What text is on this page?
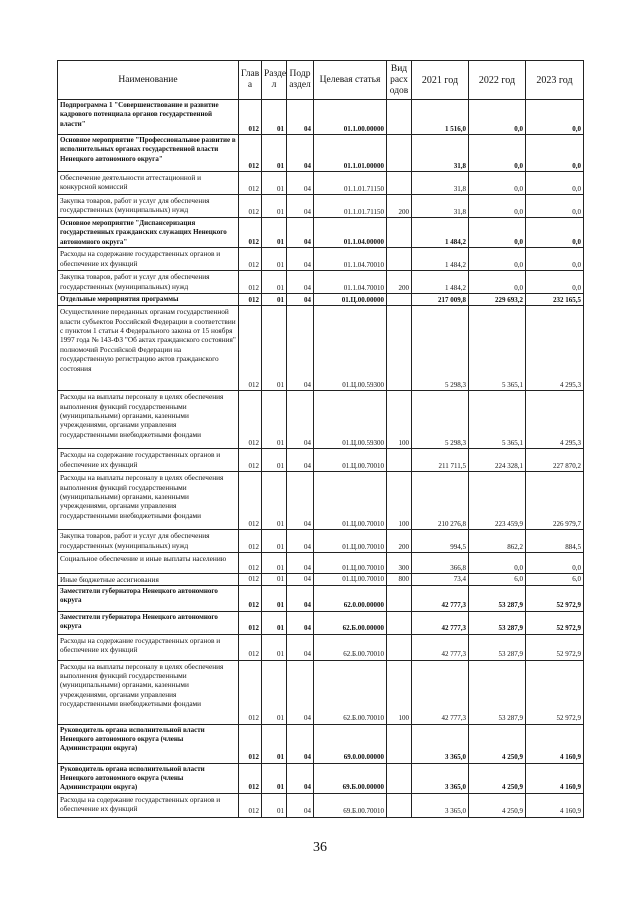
Наименование	Глав а	Разде л	Подр аздел	Целевая статья	Вид расх одов	2021 год	2022 год	2023 год
Подпрограмма 1 "Совершенствование и развитие кадрового потенциала органов государственной власти"	012	01	04	01.1.00.00000		1 516,0	0,0	0,0
Основное мероприятие "Профессиональное развитие в исполнительных органах государственной власти Ненецкого автономного округа"	012	01	04	01.1.01.00000		31,8	0,0	0,0
Обеспечение деятельности аттестационной и конкурсной комиссий	012	01	04	01.1.01.71150		31,8	0,0	0,0
Закупка товаров, работ и услуг для обеспечения государственных (муниципальных) нужд	012	01	04	01.1.01.71150	200	31,8	0,0	0,0
Основное мероприятие "Диспансеризация государственных гражданских служащих Ненецкого автономного округа"	012	01	04	01.1.04.00000		1 484,2	0,0	0,0
Расходы на содержание государственных органов и обеспечение их функций	012	01	04	01.1.04.70010		1 484,2	0,0	0,0
Закупка товаров, работ и услуг для обеспечения государственных (муниципальных) нужд	012	01	04	01.1.04.70010	200	1 484,2	0,0	0,0
Отдельные мероприятия программы	012	01	04	01.Ц.00.00000		217 009,8	229 693,2	232 165,5
Осуществление переданных органам государственной власти субъектов Российской Федерации в соответствии с пунктом 1 статьи 4 Федерального закона от 15 ноября 1997 года № 143-ФЗ "Об актах гражданского состояния" полномочий Российской Федерации на государственную регистрацию актов гражданского состояния	012	01	04	01.Ц.00.59300		5 298,3	5 365,1	4 295,3
Расходы на выплаты персоналу в целях обеспечения выполнения функций государственными (муниципальными) органами, казенными учреждениями, органами управления государственными внебюджетными фондами	012	01	04	01.Ц.00.59300	100	5 298,3	5 365,1	4 295,3
Расходы на содержание государственных органов и обеспечение их функций	012	01	04	01.Ц.00.70010		211 711,5	224 328,1	227 870,2
Расходы на выплаты персоналу в целях обеспечения выполнения функций государственными (муниципальными) органами, казенными учреждениями, органами управления государственными внебюджетными фондами	012	01	04	01.Ц.00.70010	100	210 276,8	223 459,9	226 979,7
Закупка товаров, работ и услуг для обеспечения государственных (муниципальных) нужд	012	01	04	01.Ц.00.70010	200	994,5	862,2	884,5
Социальное обеспечение и иные выплаты населению	012	01	04	01.Ц.00.70010	300	366,8	0,0	0,0
Иные бюджетные ассигнования	012	01	04	01.Ц.00.70010	800	73,4	6,0	6,0
Заместители губернатора Ненецкого автономного округа	012	01	04	62.0.00.00000		42 777,3	53 287,9	52 972,9
Заместители губернатора Ненецкого автономного округа	012	01	04	62.Б.00.00000		42 777,3	53 287,9	52 972,9
Расходы на содержание государственных органов и обеспечение их функций	012	01	04	62.Б.00.70010		42 777,3	53 287,9	52 972,9
Расходы на выплаты персоналу в целях обеспечения выполнения функций государственными (муниципальными) органами, казенными учреждениями, органами управления государственными внебюджетными фондами	012	01	04	62.Б.00.70010	100	42 777,3	53 287,9	52 972,9
Руководитель органа исполнительной власти Ненецкого автономного округа (члены Администрации округа)	012	01	04	69.0.00.00000		3 365,0	4 250,9	4 160,9
Руководитель органа исполнительной власти Ненецкого автономного округа (члены Администрации округа)	012	01	04	69.Б.00.00000		3 365,0	4 250,9	4 160,9
Расходы на содержание государственных органов и обеспечение их функций	012	01	04	69.Б.00.70010		3 365,0	4 250,9	4 160,9
36
